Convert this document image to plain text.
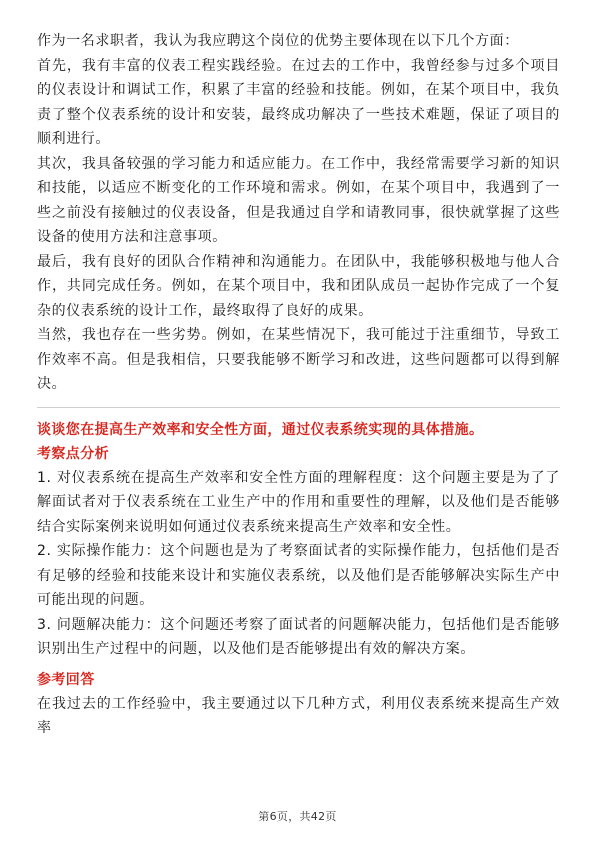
作为一名求职者，我认为我应聘这个岗位的优势主要体现在以下几个方面：

首先，我有丰富的仪表工程实践经验。在过去的工作中，我曾经参与过多个项目的仪表设计和调试工作，积累了丰富的经验和技能。例如，在某个项目中，我负责了整个仪表系统的设计和安装，最终成功解决了一些技术难题，保证了项目的顺利进行。

其次，我具备较强的学习能力和适应能力。在工作中，我经常需要学习新的知识和技能，以适应不断变化的工作环境和需求。例如，在某个项目中，我遇到了一些之前没有接触过的仪表设备，但是我通过自学和请教同事，很快就掌握了这些设备的使用方法和注意事项。

最后，我有良好的团队合作精神和沟通能力。在团队中，我能够积极地与他人合作，共同完成任务。例如，在某个项目中，我和团队成员一起协作完成了一个复杂的仪表系统的设计工作，最终取得了良好的成果。

当然，我也存在一些劣势。例如，在某些情况下，我可能过于注重细节，导致工作效率不高。但是我相信，只要我能够不断学习和改进，这些问题都可以得到解决。

谈谈您在提高生产效率和安全性方面，通过仪表系统实现的具体措施。

考察点分析

1. 对仪表系统在提高生产效率和安全性方面的理解程度：这个问题主要是为了了解面试者对于仪表系统在工业生产中的作用和重要性的理解，以及他们是否能够结合实际案例来说明如何通过仪表系统来提高生产效率和安全性。

2. 实际操作能力：这个问题也是为了考察面试者的实际操作能力，包括他们是否有足够的经验和技能来设计和实施仪表系统，以及他们是否能够解决实际生产中可能出现的问题。

3. 问题解决能力：这个问题还考察了面试者的问题解决能力，包括他们是否能够识别出生产过程中的问题，以及他们是否能够提出有效的解决方案。

参考回答

在我过去的工作经验中，我主要通过以下几种方式，利用仪表系统来提高生产效率

第6页，共42页
